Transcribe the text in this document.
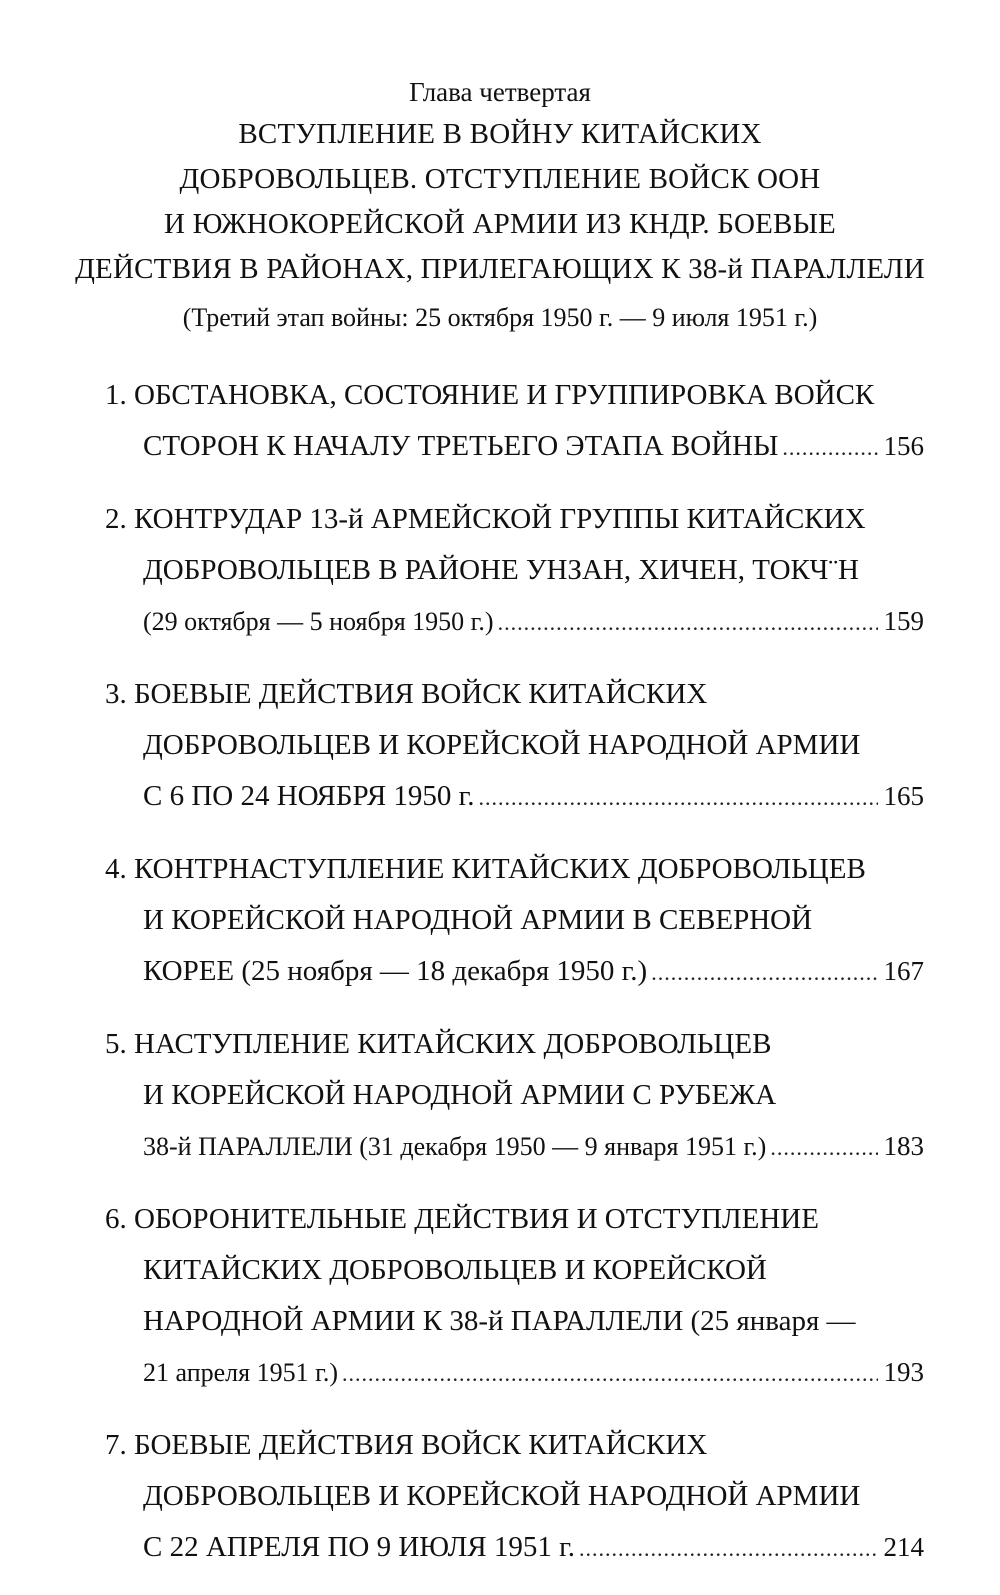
Глава четвертая
ВСТУПЛЕНИЕ В ВОЙНУ КИТАЙСКИХ
ДОБРОВОЛЬЦЕВ. ОТСТУПЛЕНИЕ ВОЙСК ООН
И ЮЖНОКОРЕЙСКОЙ АРМИИ ИЗ КНДР. БОЕВЫЕ
ДЕЙСТВИЯ В РАЙОНАХ, ПРИЛЕГАЮЩИХ К 38-й ПАРАЛЛЕЛИ
(Третий этап войны: 25 октября 1950 г. — 9 июля 1951 г.)
1. ОБСТАНОВКА, СОСТОЯНИЕ И ГРУППИРОВКА ВОЙСК
СТОРОН К НАЧАЛУ ТРЕТЬЕГО ЭТАПА ВОЙНЫ .....	156
2. КОНТРУДАР 13-й АРМЕЙСКОЙ ГРУППЫ КИТАЙСКИХ
ДОБРОВОЛЬЦЕВ В РАЙОНЕ УНЗАН, ХИЧЕН, ТОКЧ¨Н
(29 октября — 5 ноября 1950 г.) .....	159
3. БОЕВЫЕ ДЕЙСТВИЯ ВОЙСК КИТАЙСКИХ
ДОБРОВОЛЬЦЕВ И КОРЕЙСКОЙ НАРОДНОЙ АРМИИ
С 6 ПО 24 НОЯБРЯ 1950 г. .....	165
4. КОНТРНАСТУПЛЕНИЕ КИТАЙСКИХ ДОБРОВОЛЬЦЕВ
И КОРЕЙСКОЙ НАРОДНОЙ АРМИИ В СЕВЕРНОЙ
КОРЕЕ (25 ноября — 18 декабря 1950 г.) .....	167
5. НАСТУПЛЕНИЕ КИТАЙСКИХ ДОБРОВОЛЬЦЕВ
И КОРЕЙСКОЙ НАРОДНОЙ АРМИИ С РУБЕЖА
38-й ПАРАЛЛЕЛИ (31 декабря 1950 — 9 января 1951 г.) .....	183
6. ОБОРОНИТЕЛЬНЫЕ ДЕЙСТВИЯ И ОТСТУПЛЕНИЕ
КИТАЙСКИХ ДОБРОВОЛЬЦЕВ И КОРЕЙСКОЙ
НАРОДНОЙ АРМИИ К 38-й ПАРАЛЛЕЛИ (25 января —
21 апреля 1951 г.) .....	193
7. БОЕВЫЕ ДЕЙСТВИЯ ВОЙСК КИТАЙСКИХ
ДОБРОВОЛЬЦЕВ И КОРЕЙСКОЙ НАРОДНОЙ АРМИИ
С 22 АПРЕЛЯ ПО 9 ИЮЛЯ 1951 г. .....	214
